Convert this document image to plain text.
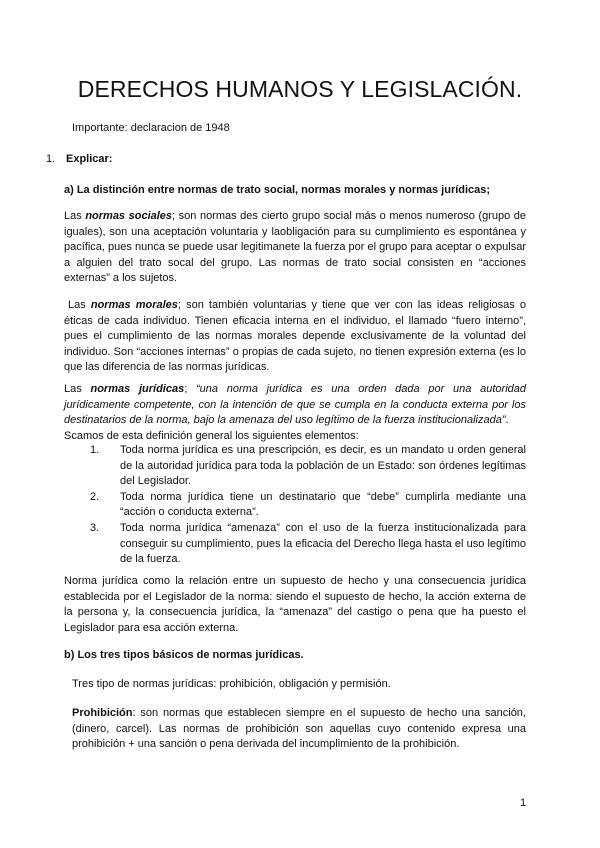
DERECHOS HUMANOS Y LEGISLACIÓN.
Importante: declaracion de 1948
1. Explicar:
a) La distinción entre normas de trato social, normas morales y normas jurídicas;

Las normas sociales; son normas des cierto grupo social más o menos numeroso (grupo de iguales), son una aceptación voluntaria y laobligación para su cumplimiento es espontánea y pacífica, pues nunca se puede usar legitimanete la fuerza por el grupo para aceptar o expulsar a alguien del trato socal del grupo. Las normas de trato social consisten en “acciones externas” a los sujetos.

Las normas morales; son también voluntarias y tiene que ver con las ideas religiosas o éticas de cada individuo. Tienen eficacia interna en el individuo, el llamado “fuero interno”, pues el cumplimiento de las normas morales depende exclusivamente de la voluntad del individuo. Son “acciones internas” o propias de cada sujeto, no tienen expresión externa (es lo que las diferencia de las normas jurídicas.

Las normas jurídicas; “una norma jurídica es una orden dada por una autoridad jurídicamente competente, con la intención de que se cumpla en la conducta externa por los destinatarios de la norma, bajo la amenaza del uso legítimo de la fuerza institucionalizada”.
Scamos de esta definición general los siguientes elementos:

1. Toda norma jurídica es una prescripción, es decir, es un mandato u orden general de la autoridad jurídica para toda la población de un Estado: son órdenes legítimas del Legislador.
2. Toda norma jurídica tiene un destinatario que “debe” cumplirla mediante una “acción o conducta externa”.
3. Toda norma jurídica “amenaza” con el uso de la fuerza institucionalizada para conseguir su cumplimiento, pues la eficacia del Derecho llega hasta el uso legítimo de la fuerza.

Norma jurídica como la relación entre un supuesto de hecho y una consecuencia jurídica establecida por el Legislador de la norma: siendo el supuesto de hecho, la acción externa de la persona y, la consecuencia jurídica, la “amenaza” del castigo o pena que ha puesto el Legislador para esa acción externa.

b) Los tres tipos básicos de normas jurídicas.

Tres tipo de normas jurídicas: prohibición, obligación y permisión.

Prohibición: son normas que establecen siempre en el supuesto de hecho una sanción, (dinero, carcel). Las normas de prohibición son aquellas cuyo contenido expresa una prohibición + una sanción o pena derivada del incumplimiento de la prohibición.

1
